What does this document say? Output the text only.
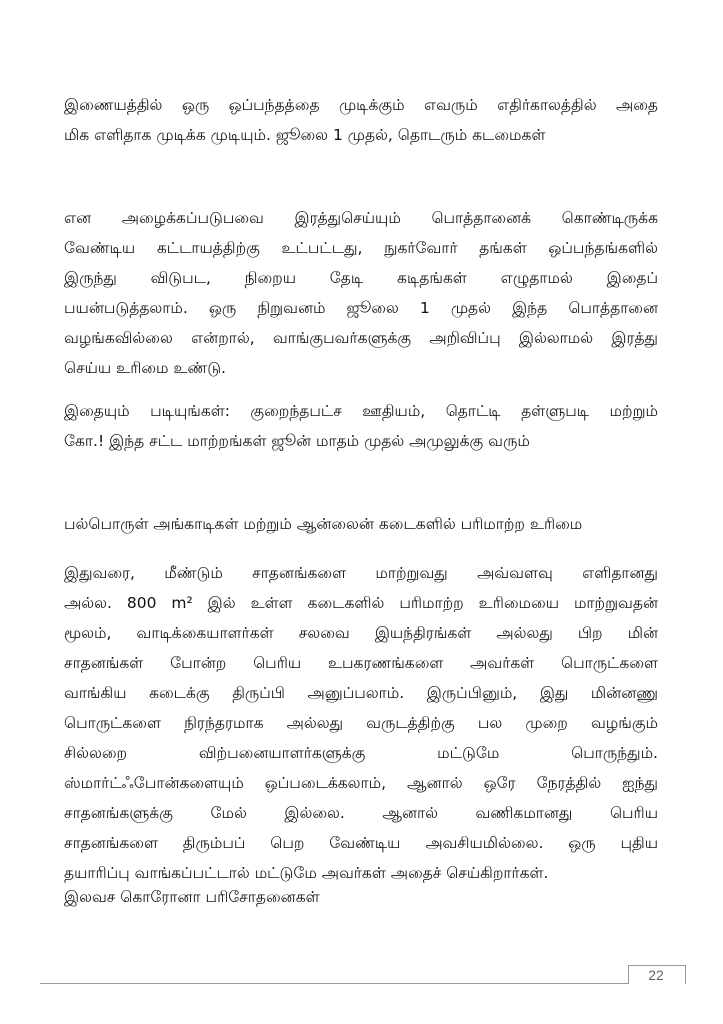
இணையத்தில் ஒரு ஒப்பந்தத்தை முடிக்கும் எவரும் எதிர்காலத்தில் அதை
மிக எளிதாக முடிக்க முடியும். ஜூலை 1 முதல், தொடரும் கடமைகள்

என அழைக்கப்படுபவை இரத்துசெய்யும் பொத்தானைக் கொண்டிருக்க
வேண்டிய கட்டாயத்திற்கு உட்பட்டது, நுகர்வோர் தங்கள் ஒப்பந்தங்களில்
இருந்து விடுபட, நிறைய தேடி கடிதங்கள் எழுதாமல் இதைப்
பயன்படுத்தலாம். ஒரு நிறுவனம் ஜூலை 1 முதல் இந்த பொத்தானை
வழங்கவில்லை என்றால், வாங்குபவர்களுக்கு அறிவிப்பு இல்லாமல் இரத்து
செய்ய உரிமை உண்டு.

இதையும் படியுங்கள்: குறைந்தபட்ச ஊதியம், தொட்டி தள்ளுபடி மற்றும்
கோ.! இந்த சட்ட மாற்றங்கள் ஜூன் மாதம் முதல் அமுலுக்கு வரும்

பல்பொருள் அங்காடிகள் மற்றும் ஆன்லைன் கடைகளில் பரிமாற்ற உரிமை

இதுவரை, மீண்டும் சாதனங்களை மாற்றுவது அவ்வளவு எளிதானது
அல்ல. 800 m² இல் உள்ள கடைகளில் பரிமாற்ற உரிமையை மாற்றுவதன்
மூலம், வாடிக்கையாளர்கள் சலவை இயந்திரங்கள் அல்லது பிற மின்
சாதனங்கள் போன்ற பெரிய உபகரணங்களை அவர்கள் பொருட்களை
வாங்கிய கடைக்கு திருப்பி அனுப்பலாம். இருப்பினும், இது மின்னணு
பொருட்களை நிரந்தரமாக அல்லது வருடத்திற்கு பல முறை வழங்கும்
சில்லறை விற்பனையாளர்களுக்கு மட்டுமே பொருந்தும்.
ஸ்மார்ட்ஃபோன்களையும் ஒப்படைக்கலாம், ஆனால் ஒரே நேரத்தில் ஐந்து
சாதனங்களுக்கு மேல் இல்லை. ஆனால் வணிகமானது பெரிய
சாதனங்களை திரும்பப் பெற வேண்டிய அவசியமில்லை. ஒரு புதிய
தயாரிப்பு வாங்கப்பட்டால் மட்டுமே அவர்கள் அதைச் செய்கிறார்கள்.

இலவச கொரோனா பரிசோதனைகள்

22
